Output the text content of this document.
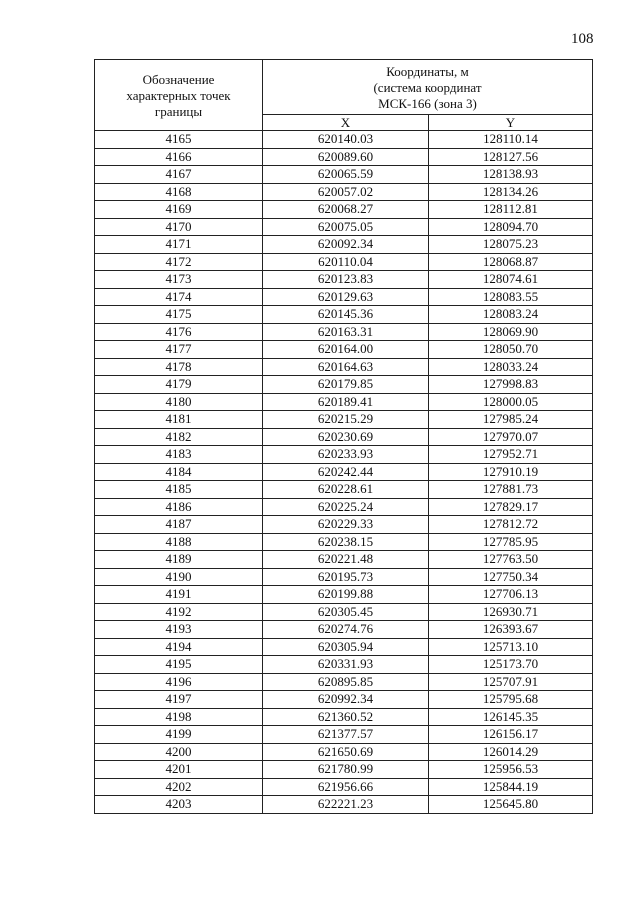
108
Обозначение характерных точек границы	Координаты, м
(система координат
МСК-166 (зона 3)	

	X	Y
4165	620140.03	128110.14
4166	620089.60	128127.56
4167	620065.59	128138.93
4168	620057.02	128134.26
4169	620068.27	128112.81
4170	620075.05	128094.70
4171	620092.34	128075.23
4172	620110.04	128068.87
4173	620123.83	128074.61
4174	620129.63	128083.55
4175	620145.36	128083.24
4176	620163.31	128069.90
4177	620164.00	128050.70
4178	620164.63	128033.24
4179	620179.85	127998.83
4180	620189.41	128000.05
4181	620215.29	127985.24
4182	620230.69	127970.07
4183	620233.93	127952.71
4184	620242.44	127910.19
4185	620228.61	127881.73
4186	620225.24	127829.17
4187	620229.33	127812.72
4188	620238.15	127785.95
4189	620221.48	127763.50
4190	620195.73	127750.34
4191	620199.88	127706.13
4192	620305.45	126930.71
4193	620274.76	126393.67
4194	620305.94	125713.10
4195	620331.93	125173.70
4196	620895.85	125707.91
4197	620992.34	125795.68
4198	621360.52	126145.35
4199	621377.57	126156.17
4200	621650.69	126014.29
4201	621780.99	125956.53
4202	621956.66	125844.19
4203	622221.23	125645.80
